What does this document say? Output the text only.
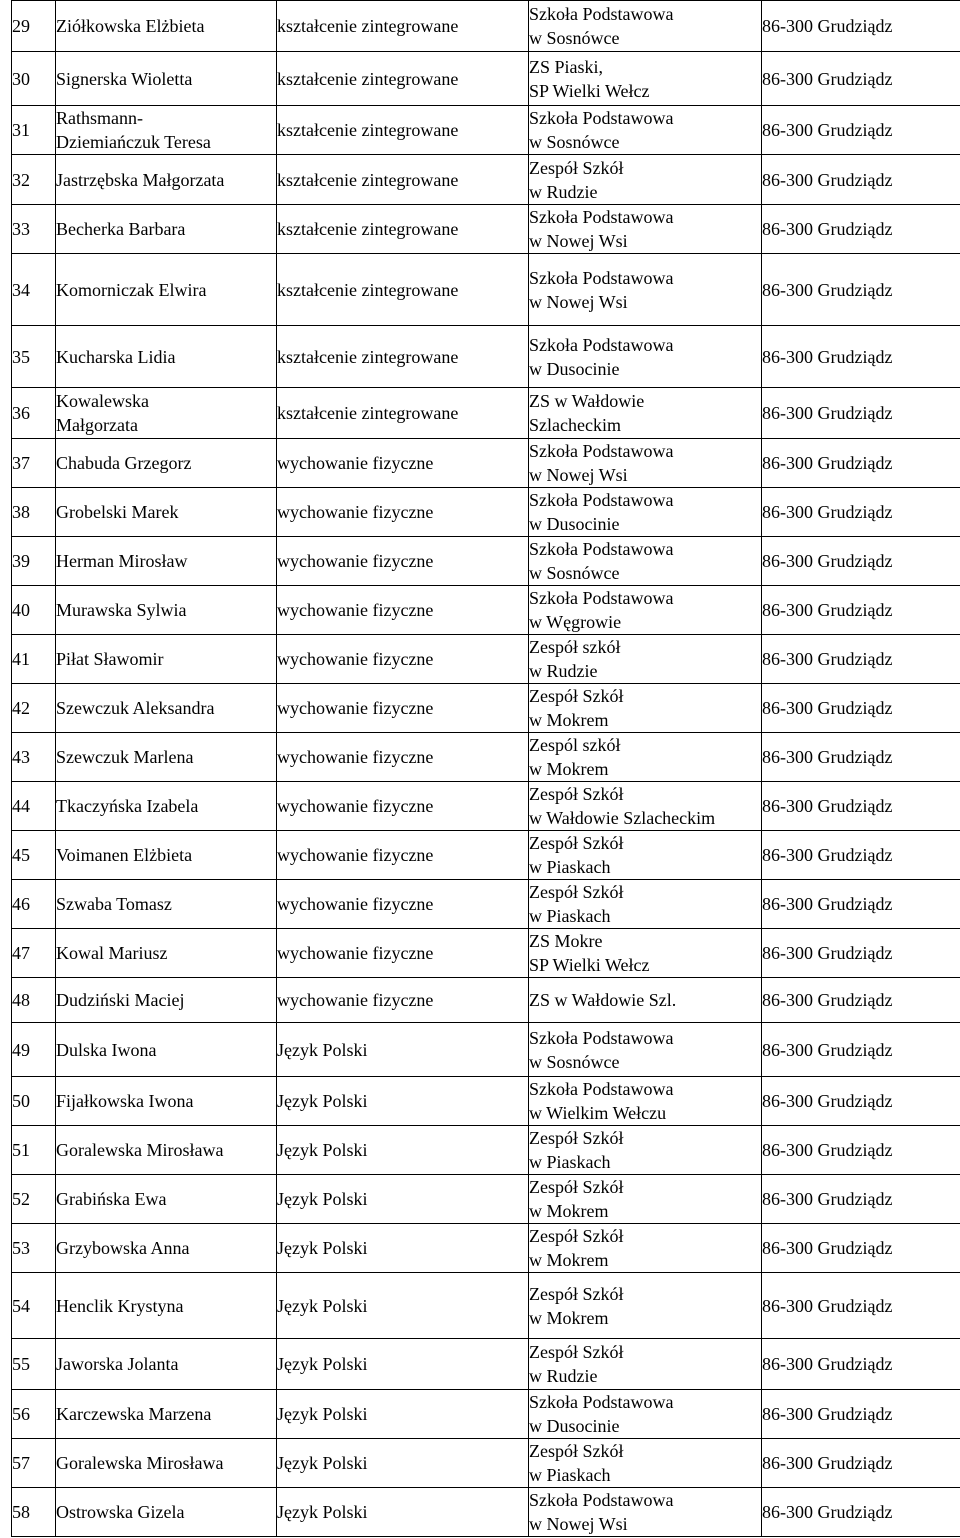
29	Ziółkowska Elżbieta	kształcenie zintegrowane	Szkoła Podstawowa
w Sosnówce	86-300 Grudziądz
30	Signerska Wioletta	kształcenie zintegrowane	ZS Piaski,
SP Wielki Wełcz	86-300 Grudziądz
31	Rathsmann-
Dziemiańczuk Teresa	kształcenie zintegrowane	Szkoła Podstawowa
w Sosnówce	86-300 Grudziądz
32	Jastrzębska Małgorzata	kształcenie zintegrowane	Zespół Szkół
w Rudzie	86-300 Grudziądz
33	Becherka Barbara	kształcenie zintegrowane	Szkoła Podstawowa
w Nowej Wsi	86-300 Grudziądz
34	Komorniczak Elwira	kształcenie zintegrowane	Szkoła Podstawowa
w Nowej Wsi	86-300 Grudziądz
35	Kucharska Lidia	kształcenie zintegrowane	Szkoła Podstawowa
w Dusocinie	86-300 Grudziądz
36	Kowalewska
Małgorzata	kształcenie zintegrowane	ZS w Wałdowie
Szlacheckim	86-300 Grudziądz
37	Chabuda Grzegorz	wychowanie fizyczne	Szkoła Podstawowa
w Nowej Wsi	86-300 Grudziądz
38	Grobelski Marek	wychowanie fizyczne	Szkoła Podstawowa
w Dusocinie	86-300 Grudziądz
39	Herman Mirosław	wychowanie fizyczne	Szkoła Podstawowa
w Sosnówce	86-300 Grudziądz
40	Murawska Sylwia	wychowanie fizyczne	Szkoła Podstawowa
w Węgrowie	86-300 Grudziądz
41	Piłat Sławomir	wychowanie fizyczne	Zespół szkół
w Rudzie	86-300 Grudziądz
42	Szewczuk Aleksandra	wychowanie fizyczne	Zespół Szkół
w Mokrem	86-300 Grudziądz
43	Szewczuk Marlena	wychowanie fizyczne	Zespól szkół
w Mokrem	86-300 Grudziądz
44	Tkaczyńska Izabela	wychowanie fizyczne	Zespół Szkół
w Wałdowie Szlacheckim	86-300 Grudziądz
45	Voimanen Elżbieta	wychowanie fizyczne	Zespół Szkół
w Piaskach	86-300 Grudziądz
46	Szwaba Tomasz	wychowanie fizyczne	Zespół Szkół
w Piaskach	86-300 Grudziądz
47	Kowal Mariusz	wychowanie fizyczne	ZS Mokre
SP Wielki Wełcz	86-300 Grudziądz
48	Dudziński Maciej	wychowanie fizyczne	ZS w Wałdowie Szl.	86-300 Grudziądz
49	Dulska Iwona	Język Polski	Szkoła Podstawowa
w Sosnówce	86-300 Grudziądz
50	Fijałkowska Iwona	Język Polski	Szkoła Podstawowa
w Wielkim Wełczu	86-300 Grudziądz
51	Goralewska Mirosława	Język Polski	Zespół Szkół
w Piaskach	86-300 Grudziądz
52	Grabińska Ewa	Język Polski	Zespół Szkół
w Mokrem	86-300 Grudziądz
53	Grzybowska Anna	Język Polski	Zespół Szkół
w Mokrem	86-300 Grudziądz
54	Henclik Krystyna	Język Polski	Zespół Szkół
w Mokrem	86-300 Grudziądz
55	Jaworska Jolanta	Język Polski	Zespół Szkół
w Rudzie	86-300 Grudziądz
56	Karczewska Marzena	Język Polski	Szkoła Podstawowa
w Dusocinie	86-300 Grudziądz
57	Goralewska Mirosława	Język Polski	Zespół Szkół
w Piaskach	86-300 Grudziądz
58	Ostrowska Gizela	Język Polski	Szkoła Podstawowa
w Nowej Wsi	86-300 Grudziądz
